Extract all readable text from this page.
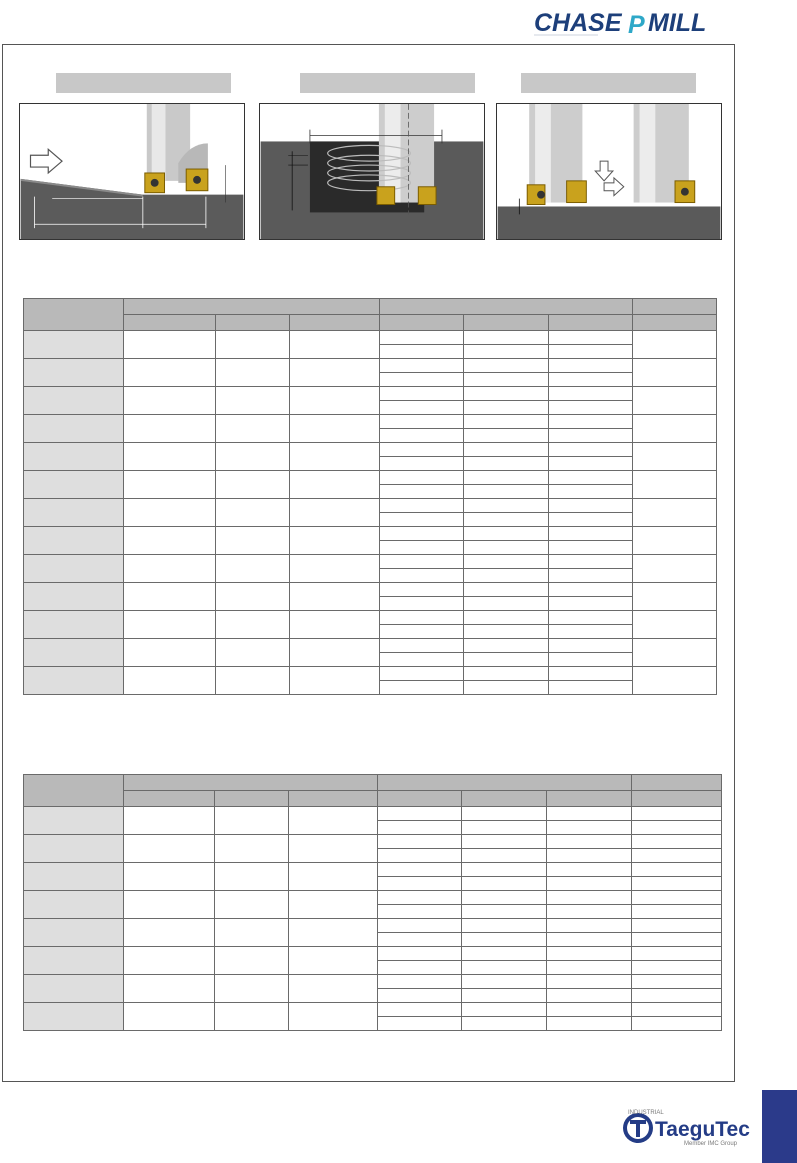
CHASE P MILL

TaeguTec
Member IMC Group
INDUSTRIAL
